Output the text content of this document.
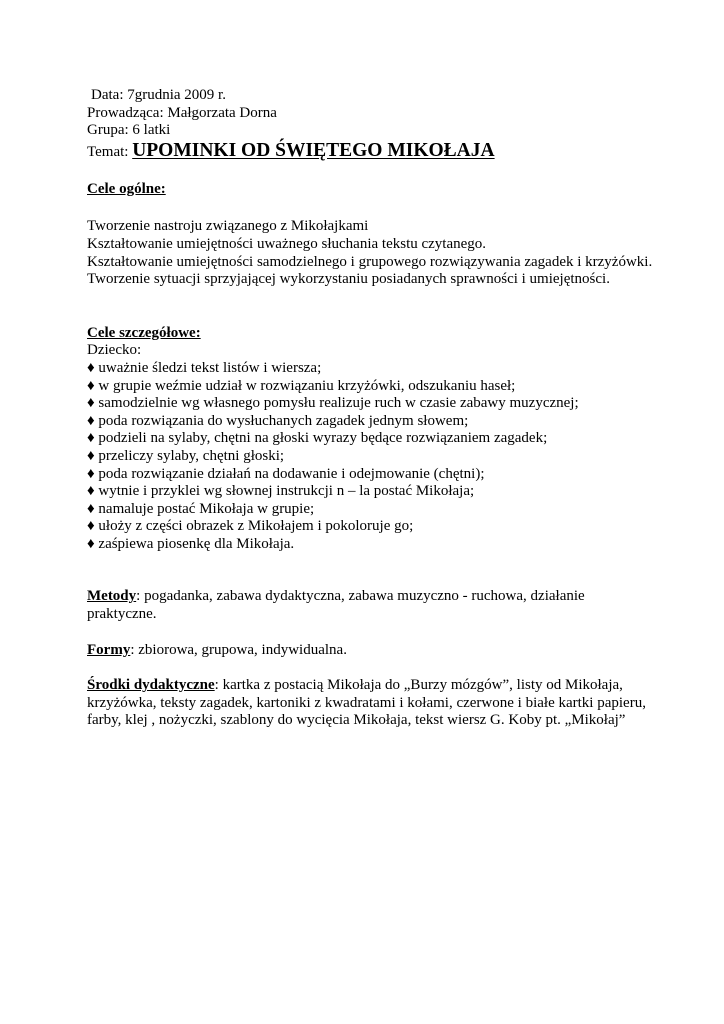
Data: 7grudnia 2009 r.
Prowadząca: Małgorzata Dorna
Grupa: 6 latki
Temat: UPOMINKI OD ŚWIĘTEGO MIKOŁAJA
Cele ogólne:
Tworzenie nastroju związanego z Mikołajkami
Kształtowanie umiejętności uważnego słuchania tekstu czytanego.
Kształtowanie umiejętności samodzielnego i grupowego rozwiązywania zagadek i krzyżówki.
Tworzenie sytuacji sprzyjającej wykorzystaniu posiadanych sprawności i umiejętności.
Cele szczegółowe:
Dziecko:
♦ uważnie śledzi tekst listów i wiersza;
♦ w grupie weźmie udział w rozwiązaniu krzyżówki, odszukaniu haseł;
♦ samodzielnie wg własnego pomysłu realizuje ruch w czasie zabawy muzycznej;
♦ poda rozwiązania do wysłuchanych zagadek jednym słowem;
♦ podzieli na sylaby, chętni na głoski wyrazy będące rozwiązaniem zagadek;
♦ przeliczy sylaby, chętni głoski;
♦ poda rozwiązanie działań na dodawanie i odejmowanie (chętni);
♦ wytnie i przyklei wg słownej instrukcji n – la postać Mikołaja;
♦ namaluje postać Mikołaja w grupie;
♦ ułoży z części obrazek z Mikołajem i pokoloruje go;
♦ zaśpiewa piosenkę dla Mikołaja.
Metody: pogadanka, zabawa dydaktyczna, zabawa muzyczno - ruchowa, działanie
praktyczne.
Formy: zbiorowa, grupowa, indywidualna.
Środki dydaktyczne: kartka z postacią Mikołaja do „Burzy mózgów”, listy od Mikołaja,
krzyżówka, teksty zagadek, kartoniki z kwadratami i kołami, czerwone i białe kartki papieru,
farby, klej , nożyczki, szablony do wycięcia Mikołaja, tekst wiersz G. Koby pt. „Mikołaj”
